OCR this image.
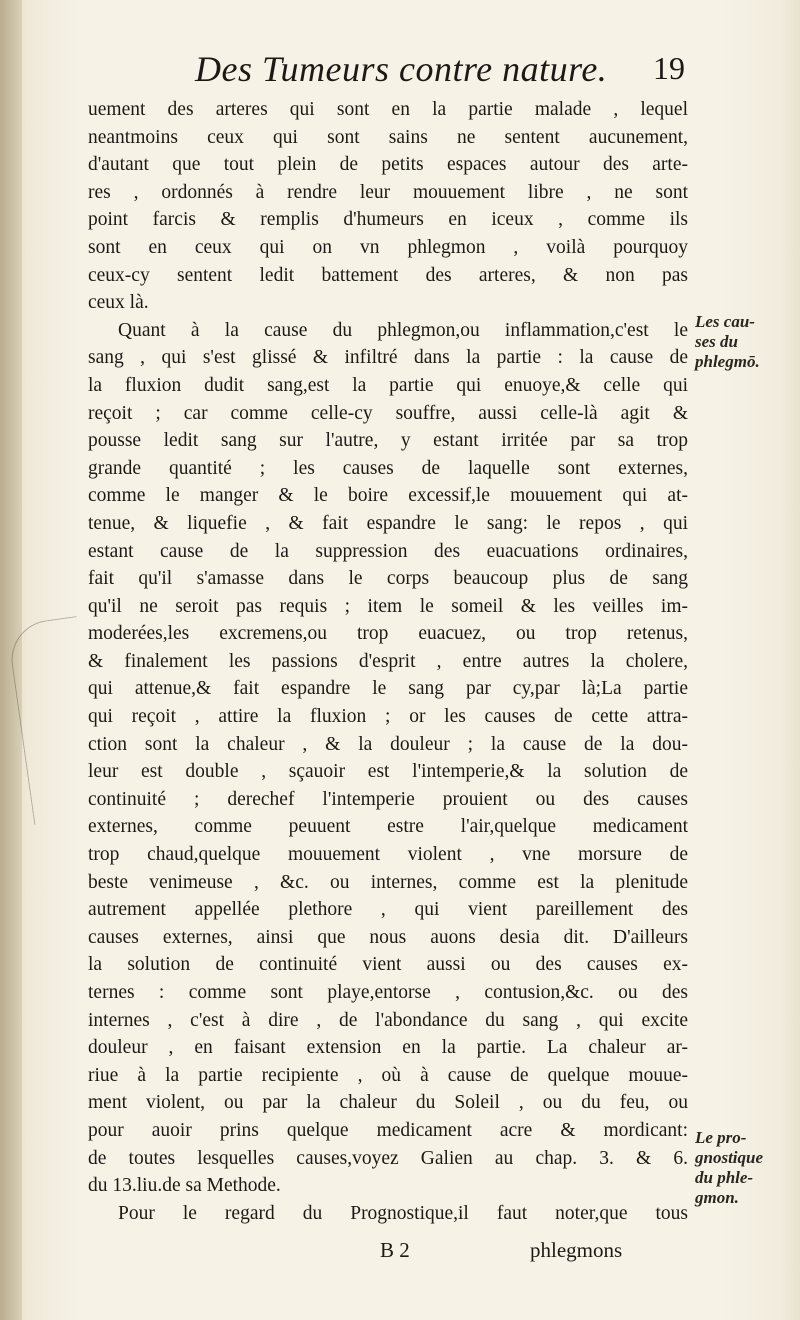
Des Tumeurs contre nature. 19
uement des arteres qui sont en la partie malade , lequel
neantmoins ceux qui sont sains ne sentent aucunement,
d'autant que tout plein de petits espaces autour des arte-
res , ordonnés à rendre leur mouuement libre , ne sont
point farcis & remplis d'humeurs en iceux , comme ils
sont en ceux qui on vn phlegmon , voilà pourquoy
ceux-cy sentent ledit battement des arteres, & non pas
ceux là.
Quant à la cause du phlegmon,ou inflammation,c'est le
sang , qui s'est glissé & infiltré dans la partie : la cause de
la fluxion dudit sang,est la partie qui enuoye,& celle qui
reçoit ; car comme celle-cy souffre, aussi celle-là agit &
pousse ledit sang sur l'autre, y estant irritée par sa trop
grande quantité ; les causes de laquelle sont externes,
comme le manger & le boire excessif,le mouuement qui at-
tenue, & liquefie , & fait espandre le sang: le repos , qui
estant cause de la suppression des euacuations ordinaires,
fait qu'il s'amasse dans le corps beaucoup plus de sang
qu'il ne seroit pas requis ; item le someil & les veilles im-
moderées,les excremens,ou trop euacuez, ou trop retenus,
& finalement les passions d'esprit , entre autres la cholere,
qui attenue,& fait espandre le sang par cy,par là;La partie
qui reçoit , attire la fluxion ; or les causes de cette attra-
ction sont la chaleur , & la douleur ; la cause de la dou-
leur est double , sçauoir est l'intemperie,& la solution de
continuité ; derechef l'intemperie prouient ou des causes
externes, comme peuuent estre l'air,quelque medicament
trop chaud,quelque mouuement violent , vne morsure de
beste venimeuse , &c. ou internes, comme est la plenitude
autrement appellée plethore , qui vient pareillement des
causes externes, ainsi que nous auons desia dit. D'ailleurs
la solution de continuité vient aussi ou des causes ex-
ternes : comme sont playe,entorse , contusion,&c. ou des
internes , c'est à dire , de l'abondance du sang , qui excite
douleur , en faisant extension en la partie. La chaleur ar-
riue à la partie recipiente , où à cause de quelque mouue-
ment violent, ou par la chaleur du Soleil , ou du feu, ou
pour auoir prins quelque medicament acre & mordicant:
de toutes lesquelles causes,voyez Galien au chap. 3. & 6.
du 13.liu.de sa Methode.
Pour le regard du Prognostique,il faut noter,que tous
Les cau-
ses du
phlegmō.
Le pro-
gnostique
du phle-
gmon.
B 2	phlegmons
